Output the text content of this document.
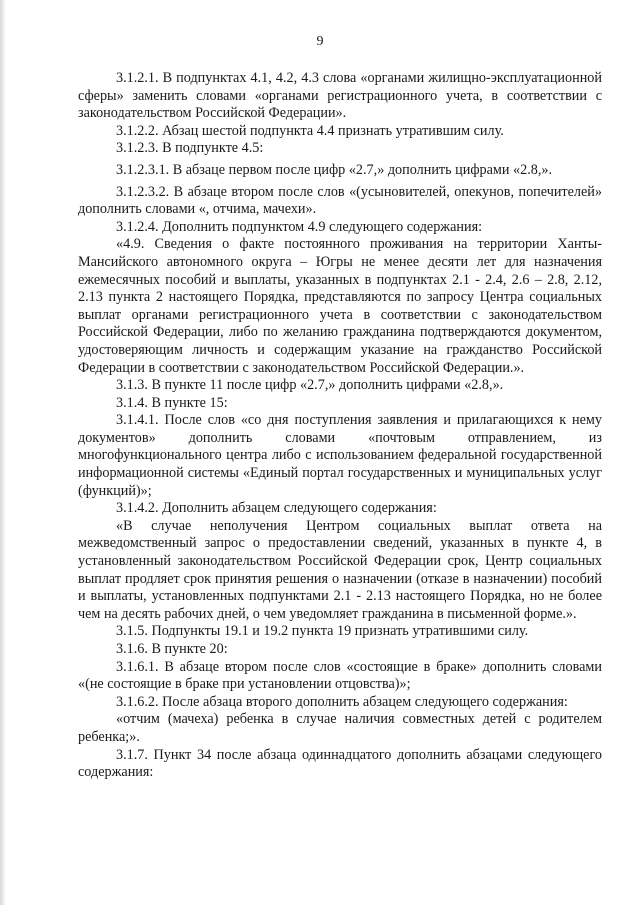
9

3.1.2.1. В подпунктах 4.1, 4.2, 4.3 слова «органами жилищно-эксплуатационной сферы» заменить словами «органами регистрационного учета, в соответствии с законодательством Российской Федерации».

3.1.2.2. Абзац шестой подпункта 4.4 признать утратившим силу.

3.1.2.3. В подпункте 4.5:

3.1.2.3.1. В абзаце первом после цифр «2.7,» дополнить цифрами «2.8,».

3.1.2.3.2. В абзаце втором после слов «(усыновителей, опекунов, попечителей» дополнить словами «, отчима, мачехи».

3.1.2.4. Дополнить подпунктом 4.9 следующего содержания:

«4.9. Сведения о факте постоянного проживания на территории Ханты-Мансийского автономного округа – Югры не менее десяти лет для назначения ежемесячных пособий и выплаты, указанных в подпунктах 2.1 - 2.4, 2.6 – 2.8, 2.12, 2.13 пункта 2 настоящего Порядка, представляются по запросу Центра социальных выплат органами регистрационного учета в соответствии с законодательством Российской Федерации, либо по желанию гражданина подтверждаются документом, удостоверяющим личность и содержащим указание на гражданство Российской Федерации в соответствии с законодательством Российской Федерации.».

3.1.3. В пункте 11 после цифр «2.7,» дополнить цифрами «2.8,».

3.1.4. В пункте 15:

3.1.4.1. После слов «со дня поступления заявления и прилагающихся к нему документов» дополнить словами «почтовым отправлением, из многофункционального центра либо с использованием федеральной государственной информационной системы «Единый портал государственных и муниципальных услуг (функций)»;

3.1.4.2. Дополнить абзацем следующего содержания:

«В случае неполучения Центром социальных выплат ответа на межведомственный запрос о предоставлении сведений, указанных в пункте 4, в установленный законодательством Российской Федерации срок, Центр социальных выплат продляет срок принятия решения о назначении (отказе в назначении) пособий и выплаты, установленных подпунктами 2.1 - 2.13 настоящего Порядка, но не более чем на десять рабочих дней, о чем уведомляет гражданина в письменной форме.».

3.1.5. Подпункты 19.1 и 19.2 пункта 19 признать утратившими силу.

3.1.6. В пункте 20:

3.1.6.1. В абзаце втором после слов «состоящие в браке» дополнить словами «(не состоящие в браке при установлении отцовства)»;

3.1.6.2. После абзаца второго дополнить абзацем следующего содержания:

«отчим (мачеха) ребенка в случае наличия совместных детей с родителем ребенка;».

3.1.7. Пункт 34 после абзаца одиннадцатого дополнить абзацами следующего содержания:
